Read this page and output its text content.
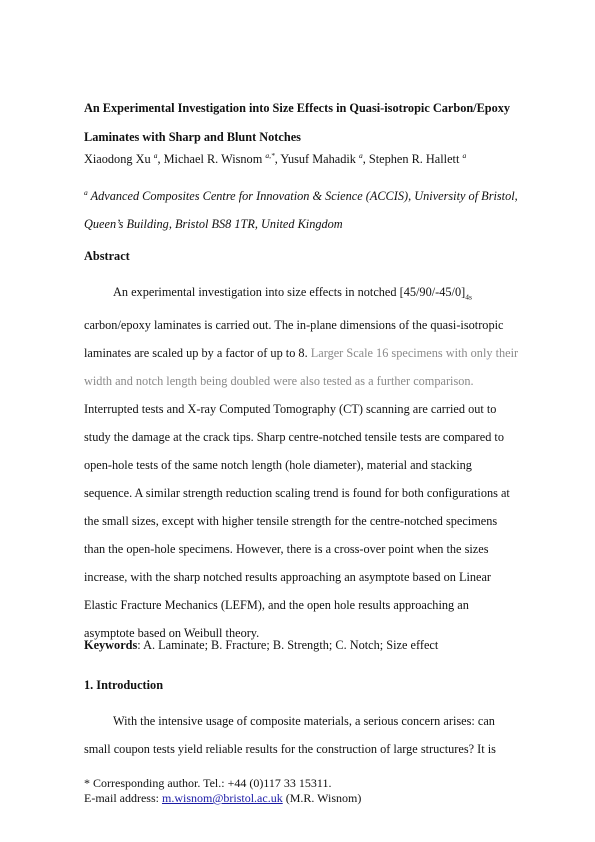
An Experimental Investigation into Size Effects in Quasi-isotropic Carbon/Epoxy
Laminates with Sharp and Blunt Notches
Xiaodong Xu $^a$, Michael R. Wisnom $^{a,*}$, Yusuf Mahadik $^a$, Stephen R. Hallett $^a$
$^a$ Advanced Composites Centre for Innovation & Science (ACCIS), University of Bristol,
Queen’s Building, Bristol BS8 1TR, United Kingdom
Abstract
An experimental investigation into size effects in notched $[45/90/-45/0]_{4s}$
carbon/epoxy laminates is carried out. The in-plane dimensions of the quasi-isotropic
laminates are scaled up by a factor of up to 8. Larger Scale 16 specimens with only their
width and notch length being doubled were also tested as a further comparison.
Interrupted tests and X-ray Computed Tomography (CT) scanning are carried out to
study the damage at the crack tips. Sharp centre-notched tensile tests are compared to
open-hole tests of the same notch length (hole diameter), material and stacking
sequence. A similar strength reduction scaling trend is found for both configurations at
the small sizes, except with higher tensile strength for the centre-notched specimens
than the open-hole specimens. However, there is a cross-over point when the sizes
increase, with the sharp notched results approaching an asymptote based on Linear
Elastic Fracture Mechanics (LEFM), and the open hole results approaching an
asymptote based on Weibull theory.
Keywords: A. Laminate; B. Fracture; B. Strength; C. Notch; Size effect
1. Introduction
With the intensive usage of composite materials, a serious concern arises: can
small coupon tests yield reliable results for the construction of large structures? It is
* Corresponding author. Tel.: +44 (0)117 33 15311.
E-mail address: m.wisnom@bristol.ac.uk (M.R. Wisnom)
